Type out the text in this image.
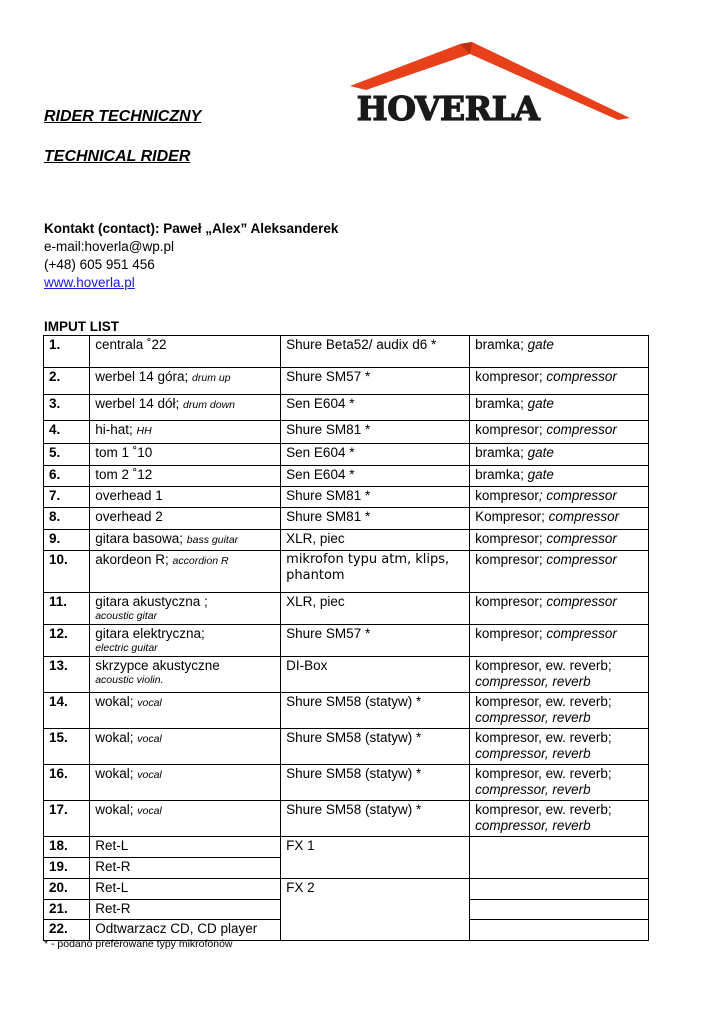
HOVERLA
RIDER TECHNICZNY
TECHNICAL RIDER
Kontakt (contact): Paweł „Alex” Aleksanderek
e-mail:hoverla@wp.pl
(+48) 605 951 456
www.hoverla.pl
IMPUT LIST
1.	centrala ˚22	Shure Beta52/ audix d6 *	bramka; gate
2.	werbel 14 góra; drum up	Shure SM57 *	kompresor; compressor
3.	werbel 14 dół; drum down	Sen E604 *	bramka; gate
4.	hi-hat; HH	Shure SM81 *	kompresor; compressor
5.	tom 1 ˚10	Sen E604 *	bramka; gate
6.	tom 2 ˚12	Sen E604 *	bramka; gate
7.	overhead 1	Shure SM81 *	kompresor; compressor
8.	overhead 2	Shure SM81 *	Kompresor; compressor
9.	gitara basowa; bass guitar	XLR, piec	kompresor; compressor
10.	akordeon R; accordion R	mikrofon typu atm, klips, phantom	kompresor; compressor
11.	gitara akustyczna ;
acoustic gitar	XLR, piec	kompresor; compressor
12.	gitara elektryczna;
electric guitar	Shure SM57 *	kompresor; compressor
13.	skrzypce akustyczne
acoustic violin.	DI-Box	kompresor, ew. reverb;
compressor, reverb

14.	wokal; vocal	Shure SM58 (statyw) *	kompresor, ew. reverb;
compressor, reverb

15.	wokal; vocal	Shure SM58 (statyw) *	kompresor, ew. reverb;
compressor, reverb

16.	wokal; vocal	Shure SM58 (statyw) *	kompresor, ew. reverb;
compressor, reverb

17.	wokal; vocal	Shure SM58 (statyw) *	kompresor, ew. reverb;
compressor, reverb

18.	Ret-L	FX 1	
19.	Ret-R		
20.	Ret-L	FX 2	
21.	Ret-R		
22.	Odtwarzacz CD, CD player		
* - podano preferowane typy mikrofonów
